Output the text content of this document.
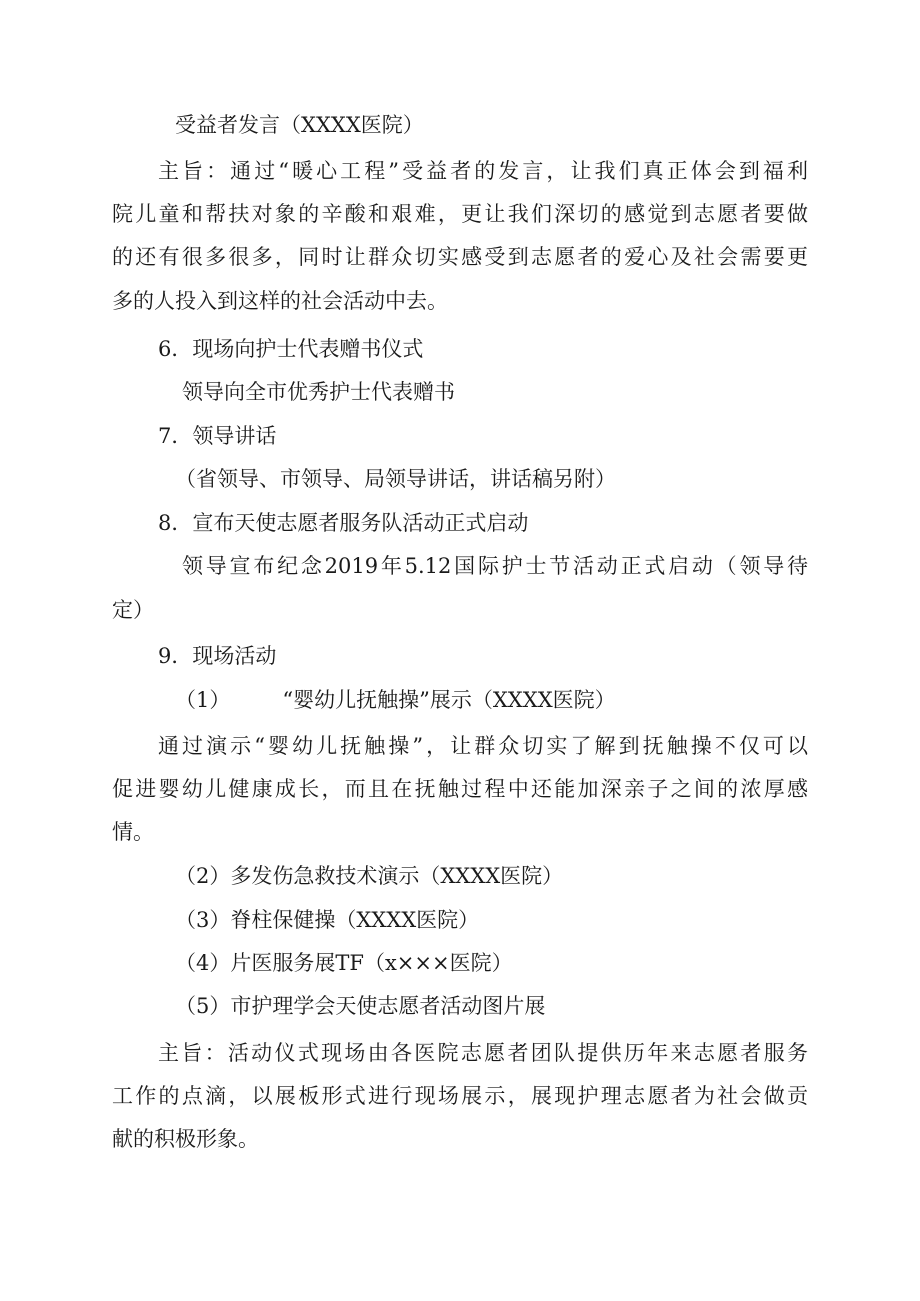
受益者发言（XXXX医院）

主旨：通过“暖心工程”受益者的发言，让我们真正体会到福利

院儿童和帮扶对象的辛酸和艰难，更让我们深切的感觉到志愿者要做

的还有很多很多，同时让群众切实感受到志愿者的爱心及社会需要更

多的人投入到这样的社会活动中去。

6．现场向护士代表赠书仪式

领导向全市优秀护士代表赠书

7．领导讲话

（省领导、市领导、局领导讲话，讲话稿另附）

8．宣布天使志愿者服务队活动正式启动

领导宣布纪念2019年5.12国际护士节活动正式启动（领导待

定）

9．现场活动

（1） “婴幼儿抚触操”展示（XXXX医院）

通过演示“婴幼儿抚触操”，让群众切实了解到抚触操不仅可以

促进婴幼儿健康成长，而且在抚触过程中还能加深亲子之间的浓厚感

情。

（2）多发伤急救技术演示（XXXX医院）

（3）脊柱保健操（XXXX医院）

（4）片医服务展TF（x×××医院）

（5）市护理学会天使志愿者活动图片展

主旨：活动仪式现场由各医院志愿者团队提供历年来志愿者服务

工作的点滴，以展板形式进行现场展示，展现护理志愿者为社会做贡

献的积极形象。
